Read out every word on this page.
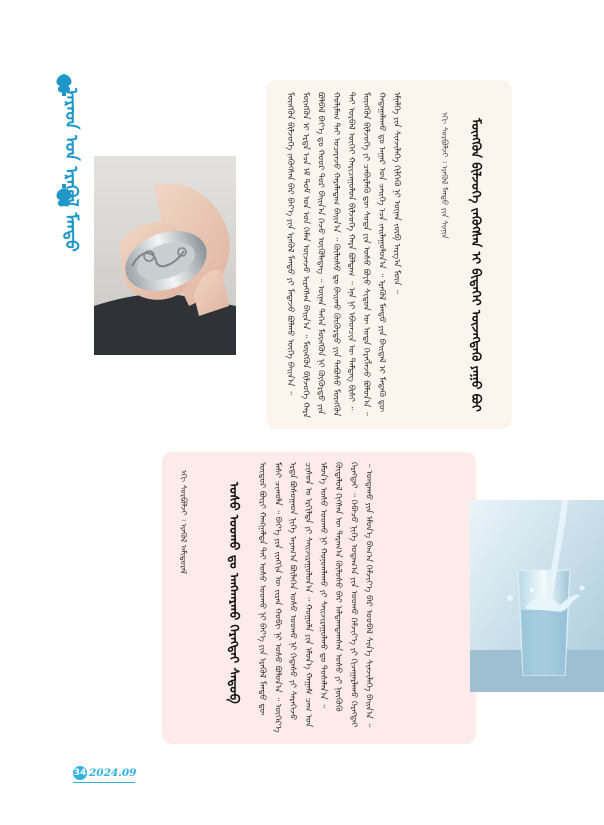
ᠠᠷᠠᠳ ᠤᠨ ᠡᠷᠡᠭᠦᠯ ᠮᠡᠨᠳᠦ	ᠮᠥᠩᠭᠦᠨ ᠪᠢᠯᠵᠦᠭᠡ ᠵᠡᠭᠦᠭᠰᠡᠨ ᠪᠡᠷ ᠪᠡᠶ᠎ᠡ ᠶᠢᠨ ᠡᠷᠡᠭᠦᠯ ᠮᠡᠨᠳᠦ ᠶᠢ ᠮᠡᠳᠡᠵᠦ ᠪᠣᠯᠬᠤ ᠦᠭᠡ ᠪᠠᠢᠨ᠎ᠠ ᠃ ᠮᠥᠩᠭᠦᠨ ᠢ ᠡᠷᠲᠡ ᠡᠴᠡ ᠡᠮ ᠳᠣᠮ ᠤᠨ ᠡᠳ ᠬᠡᠮᠡᠨ ᠦᠵᠡᠵᠦ ᠢᠷᠡᠭᠰᠡᠨ ᠪᠠᠢᠨ᠎ᠠ ᠃ ᠮᠥᠩᠭᠦᠨ ᠪᠢᠯᠵᠦᠭᠡ ᠬᠠᠷᠠ ᠪᠣᠯᠪᠠᠯ ᠪᠡᠶ᠎ᠡ ᠳᠤ ᠬᠣᠣᠷ ᠲᠣᠷ ᠪᠠᠢᠨ᠎ᠠ ᠭᠡᠵᠦ ᠦᠭᠦᠯᠡᠳᠡᠭ ᠃ ᠦᠨᠡᠨ ᠳᠡᠭᠡᠨ ᠮᠥᠩᠭᠦᠨ ᠨᠢ ᠬᠦᠬᠦᠷᠲᠦ ᠶᠢᠨ ᠬᠣᠯᠢᠮᠠᠭ ᠲᠠᠢ ᠤᠴᠠᠷᠠᠵᠤ ᠬᠠᠷᠠᠯᠠᠳᠠᠭ ᠪᠠᠢᠨ᠎ᠠ ᠃ ᠬᠥᠯᠦᠰᠦ ᠳᠤ ᠪᠠᠢᠬᠤ ᠬᠦᠬᠦᠷᠲᠦ ᠶᠢᠨ ᠳᠠᠪᠤᠰᠤ ᠮᠥᠩᠭᠦᠨ ᠲᠠᠢ ᠤᠷᠪᠠᠯ ᠦᠭᠡᠢ ᠬᠠᠷᠢᠴᠠᠭᠤᠯᠤᠨ ᠪᠢᠯᠵᠦᠭᠡ ᠬᠠᠷᠠ ᠪᠣᠯᠳᠠᠭ ᠃ ᠡᠨᠡ ᠨᠢ ᠡᠪᠡᠳᠴᠢᠨ ᠦ ᠲᠡᠮᠳᠡᠭ ᠪᠢᠰᠢ ᠃ ᠮᠥᠩᠭᠦᠨ ᠪᠢᠯᠵᠦᠭᠡ ᠶᠢ ᠴᠡᠪᠡᠷᠯᠡᠬᠦ ᠳᠦ ᠰᠣᠳᠠ ᠶᠢᠨ ᠤᠰᠤ ᠪᠤᠶᠤ ᠰᠢᠳᠦᠨ ᠦ ᠣᠲᠠ ᠬᠡᠷᠡᠭᠯᠡᠵᠦ ᠪᠣᠯᠤᠨ᠎ᠠ ᠃ ᠬᠠᠳᠠᠭᠠᠯᠠᠬᠤ ᠳᠤ ᠠᠭᠠᠷ ᠤᠨ ᠴᠡᠢᠭᠡ ᠡᠴᠡ ᠵᠠᠢᠯᠠᠭᠤᠯᠤᠨ᠎ᠠ ᠃ ᠡᠷᠡᠭᠦᠯ ᠮᠡᠨᠳᠦ ᠶᠢᠨ ᠪᠠᠢᠳᠠᠯ ᠢ ᠮᠡᠳᠡᠬᠦ ᠳᠦ ᠡᠮᠨᠡᠯᠭᠡ ᠶᠢᠨ ᠰᠢᠨᠵᠢᠯᠡᠭᠡ ᠬᠢᠯᠭᠡᠬᠦ ᠨᠢ ᠦᠨᠡᠨ ᠵᠥᠪ ᠠᠷᠭ᠎ᠠ ᠮᠥᠨ ᠃	ᠡᠬᠢ ᠰᠤᠷᠪᠤᠯᠵᠢ ᠄ ᠡᠷᠡᠭᠦᠯ ᠮᠡᠨᠳᠦ ᠶᠢᠨ ᠰᠣᠨᠢᠨ ᠮᠥᠩᠭᠦᠨ ᠪᠢᠯᠵᠦᠭᠡ ᠵᠡᠭᠦᠭᠰᠡᠨ ᠢ ᠪᠢᠲᠡᠭᠡᠢ ᠦᠵᠡᠭᠳᠡᠬᠦ ᠶᠠᠭᠤ ᠪᠤᠢ
ᠦᠳᠦᠷ ᠪᠦᠷᠢ ᠬᠠᠩᠭᠠᠯᠲᠠ ᠲᠠᠢ ᠤᠰᠤ ᠤᠤᠬᠤ ᠨᠢ ᠪᠡᠶ᠎ᠡ ᠶᠢᠨ ᠡᠷᠡᠭᠦᠯ ᠮᠡᠨᠳᠦ ᠳᠦ ᠮᠠᠰᠢ ᠴᠢᠬᠤᠯᠠ ᠃ ᠪᠡᠶ᠎ᠡ ᠶᠢᠨ ᠵᠢᠩᠭᠢᠨ ᠦ ᠵᠢᠷᠠᠨ ᠬᠤᠪᠢ ᠨᠢ ᠤᠰᠤ ᠪᠣᠯᠤᠨ᠎ᠠ ᠃ ᠦᠭᠡᠷ᠎ᠡ ᠡᠷᠲᠡ ᠪᠣᠰᠤᠭᠠᠳ ᠨᠢᠭᠡ ᠠᠶᠠᠭ᠎ᠠ ᠪᠦᠯᠡᠭᠡᠨ ᠤᠰᠤ ᠤᠤᠬᠤ ᠨᠢ ᠭᠡᠳᠡᠰᠦ ᠶᠢ ᠰᠡᠷᠡᠭᠡᠵᠦ ᠴᠢᠰᠤᠨ ᠤ ᠡᠷᠭᠢᠯᠲᠡ ᠶᠢ ᠰᠠᠢᠵᠢᠷᠠᠭᠤᠯᠤᠨ᠎ᠠ ᠃ ᠬᠣᠭᠣᠯᠠ ᠶᠢᠨ ᠡᠮᠦᠨ᠎ᠡ ᠬᠠᠭᠠᠰ ᠴᠠᠭ ᠤᠨ ᠡᠮᠦᠨ᠎ᠡ ᠤᠰᠤ ᠤᠤᠬᠤ ᠨᠢ ᠬᠣᠨᠣᠭᠯᠠᠬᠤ ᠶᠢ ᠰᠠᠢᠵᠢᠷᠠᠭᠤᠯᠬᠤ ᠳᠤ ᠲᠤᠰᠠᠯᠠᠨ᠎ᠠ ᠃ ᠬᠥᠳᠡᠯᠦᠯ ᠬᠢᠭᠰᠡᠨ ᠦ ᠳᠠᠷᠠᠭ᠎ᠠ ᠬᠥᠯᠦᠰᠦ ᠪᠡᠷ ᠠᠯᠳᠠᠭᠳᠠᠭᠰᠠᠨ ᠤᠰᠤ ᠶᠢ ᠨᠥᠬᠥᠬᠦ ᠬᠡᠷᠡᠭᠲᠡᠢ ᠃ ᠭᠡᠪᠡᠴᠦ ᠨᠢᠭᠡ ᠤᠳᠠᠭ᠎ᠠ ᠶᠢᠨ ᠤᠤᠬᠤ ᠬᠡᠮᠵᠢᠶ᠎ᠡ ᠶᠢ ᠬᠢᠵᠠᠭᠠᠷᠯᠠᠬᠤ ᠬᠡᠷᠡᠭᠲᠡᠢ ᠃ ᠤᠨᠲᠠᠬᠤ ᠶᠢᠨ ᠡᠮᠦᠨ᠎ᠡ ᠪᠠᠭ᠎ᠠ ᠬᠡᠮᠵᠢᠶ᠎ᠡ ᠪᠡᠷ ᠤᠤᠪᠠᠯ ᠰᠢᠨ᠎ᠡ ᠰᠢᠨᠵᠢᠯᠡᠭᠡ ᠪᠠᠢᠨ᠎ᠠ ᠃
ᠡᠬᠢ ᠰᠤᠷᠪᠤᠯᠵᠢ ᠄ ᠡᠷᠡᠭᠦᠯ ᠠᠮᠢᠳᠤᠷᠠᠯ	ᠤᠰᠤ ᠤᠤᠬᠤ ᠳᠤ ᠠᠩᠬᠠᠷᠬᠤ ᠬᠡᠷᠡᠭᠲᠡᠢ ᠰᠡᠳᠦᠪ
34 2024.09
